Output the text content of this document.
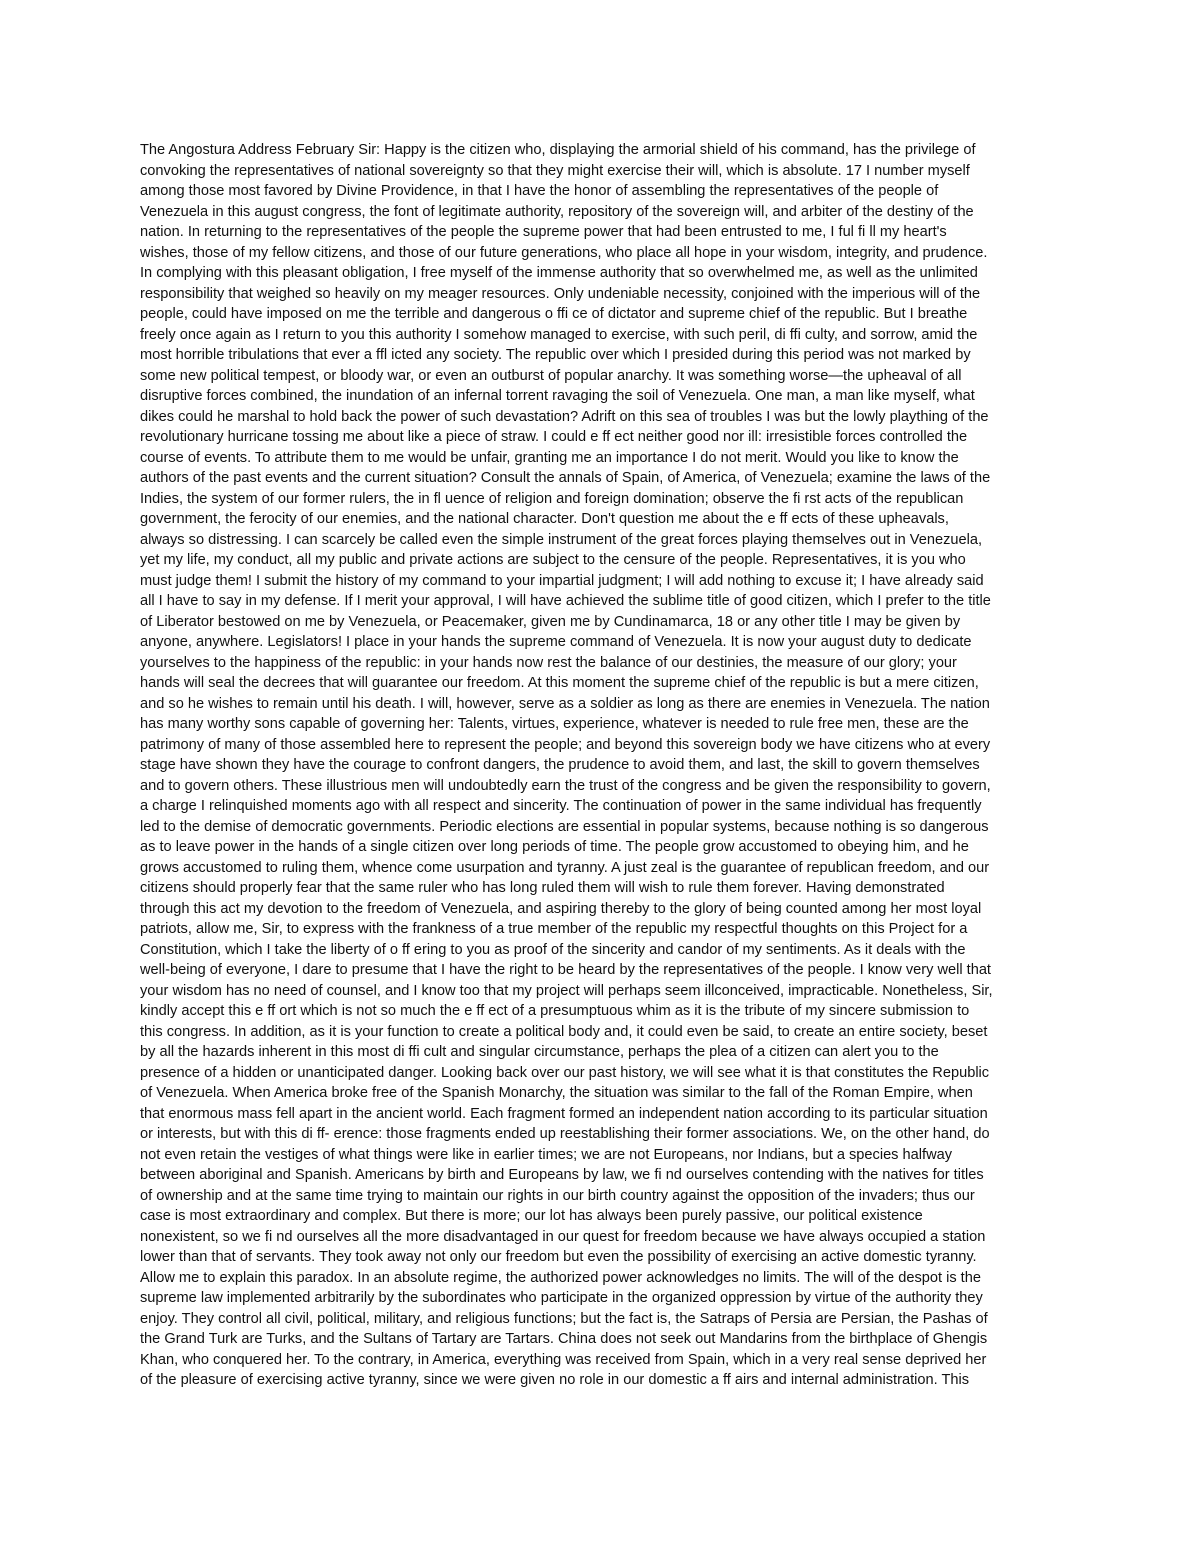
The Angostura Address February Sir: Happy is the citizen who, displaying the armorial shield of his command, has the privilege of
convoking the representatives of national sovereignty so that they might exercise their will, which is absolute. 17 I number myself
among those most favored by Divine Providence, in that I have the honor of assembling the representatives of the people of
Venezuela in this august congress, the font of legitimate authority, repository of the sovereign will, and arbiter of the destiny of the
nation. In returning to the representatives of the people the supreme power that had been entrusted to me, I ful fi ll my heart's
wishes, those of my fellow citizens, and those of our future generations, who place all hope in your wisdom, integrity, and prudence.
In complying with this pleasant obligation, I free myself of the immense authority that so overwhelmed me, as well as the unlimited
responsibility that weighed so heavily on my meager resources. Only undeniable necessity, conjoined with the imperious will of the
people, could have imposed on me the terrible and dangerous o ffi ce of dictator and supreme chief of the republic. But I breathe
freely once again as I return to you this authority I somehow managed to exercise, with such peril, di ffi culty, and sorrow, amid the
most horrible tribulations that ever a ffl icted any society. The republic over which I presided during this period was not marked by
some new political tempest, or bloody war, or even an outburst of popular anarchy. It was something worse—the upheaval of all
disruptive forces combined, the inundation of an infernal torrent ravaging the soil of Venezuela. One man, a man like myself, what
dikes could he marshal to hold back the power of such devastation? Adrift on this sea of troubles I was but the lowly plaything of the
revolutionary hurricane tossing me about like a piece of straw. I could e ff ect neither good nor ill: irresistible forces controlled the
course of events. To attribute them to me would be unfair, granting me an importance I do not merit. Would you like to know the
authors of the past events and the current situation? Consult the annals of Spain, of America, of Venezuela; examine the laws of the
Indies, the system of our former rulers, the in fl uence of religion and foreign domination; observe the fi rst acts of the republican
government, the ferocity of our enemies, and the national character. Don't question me about the e ff ects of these upheavals,
always so distressing. I can scarcely be called even the simple instrument of the great forces playing themselves out in Venezuela,
yet my life, my conduct, all my public and private actions are subject to the censure of the people. Representatives, it is you who
must judge them! I submit the history of my command to your impartial judgment; I will add nothing to excuse it; I have already said
all I have to say in my defense. If I merit your approval, I will have achieved the sublime title of good citizen, which I prefer to the title
of Liberator bestowed on me by Venezuela, or Peacemaker, given me by Cundinamarca, 18 or any other title I may be given by
anyone, anywhere. Legislators! I place in your hands the supreme command of Venezuela. It is now your august duty to dedicate
yourselves to the happiness of the republic: in your hands now rest the balance of our destinies, the measure of our glory; your
hands will seal the decrees that will guarantee our freedom. At this moment the supreme chief of the republic is but a mere citizen,
and so he wishes to remain until his death. I will, however, serve as a soldier as long as there are enemies in Venezuela. The nation
has many worthy sons capable of governing her: Talents, virtues, experience, whatever is needed to rule free men, these are the
patrimony of many of those assembled here to represent the people; and beyond this sovereign body we have citizens who at every
stage have shown they have the courage to confront dangers, the prudence to avoid them, and last, the skill to govern themselves
and to govern others. These illustrious men will undoubtedly earn the trust of the congress and be given the responsibility to govern,
a charge I relinquished moments ago with all respect and sincerity. The continuation of power in the same individual has frequently
led to the demise of democratic governments. Periodic elections are essential in popular systems, because nothing is so dangerous
as to leave power in the hands of a single citizen over long periods of time. The people grow accustomed to obeying him, and he
grows accustomed to ruling them, whence come usurpation and tyranny. A just zeal is the guarantee of republican freedom, and our
citizens should properly fear that the same ruler who has long ruled them will wish to rule them forever. Having demonstrated
through this act my devotion to the freedom of Venezuela, and aspiring thereby to the glory of being counted among her most loyal
patriots, allow me, Sir, to express with the frankness of a true member of the republic my respectful thoughts on this Project for a
Constitution, which I take the liberty of o ff ering to you as proof of the sincerity and candor of my sentiments. As it deals with the
well-being of everyone, I dare to presume that I have the right to be heard by the representatives of the people. I know very well that
your wisdom has no need of counsel, and I know too that my project will perhaps seem illconceived, impracticable. Nonetheless, Sir,
kindly accept this e ff ort which is not so much the e ff ect of a presumptuous whim as it is the tribute of my sincere submission to
this congress. In addition, as it is your function to create a political body and, it could even be said, to create an entire society, beset
by all the hazards inherent in this most di ffi cult and singular circumstance, perhaps the plea of a citizen can alert you to the
presence of a hidden or unanticipated danger. Looking back over our past history, we will see what it is that constitutes the Republic
of Venezuela. When America broke free of the Spanish Monarchy, the situation was similar to the fall of the Roman Empire, when
that enormous mass fell apart in the ancient world. Each fragment formed an independent nation according to its particular situation
or interests, but with this di ff- erence: those fragments ended up reestablishing their former associations. We, on the other hand, do
not even retain the vestiges of what things were like in earlier times; we are not Europeans, nor Indians, but a species halfway
between aboriginal and Spanish. Americans by birth and Europeans by law, we fi nd ourselves contending with the natives for titles
of ownership and at the same time trying to maintain our rights in our birth country against the opposition of the invaders; thus our
case is most extraordinary and complex. But there is more; our lot has always been purely passive, our political existence
nonexistent, so we fi nd ourselves all the more disadvantaged in our quest for freedom because we have always occupied a station
lower than that of servants. They took away not only our freedom but even the possibility of exercising an active domestic tyranny.
Allow me to explain this paradox. In an absolute regime, the authorized power acknowledges no limits. The will of the despot is the
supreme law implemented arbitrarily by the subordinates who participate in the organized oppression by virtue of the authority they
enjoy. They control all civil, political, military, and religious functions; but the fact is, the Satraps of Persia are Persian, the Pashas of
the Grand Turk are Turks, and the Sultans of Tartary are Tartars. China does not seek out Mandarins from the birthplace of Ghengis
Khan, who conquered her. To the contrary, in America, everything was received from Spain, which in a very real sense deprived her
of the pleasure of exercising active tyranny, since we were given no role in our domestic a ff airs and internal administration. This
